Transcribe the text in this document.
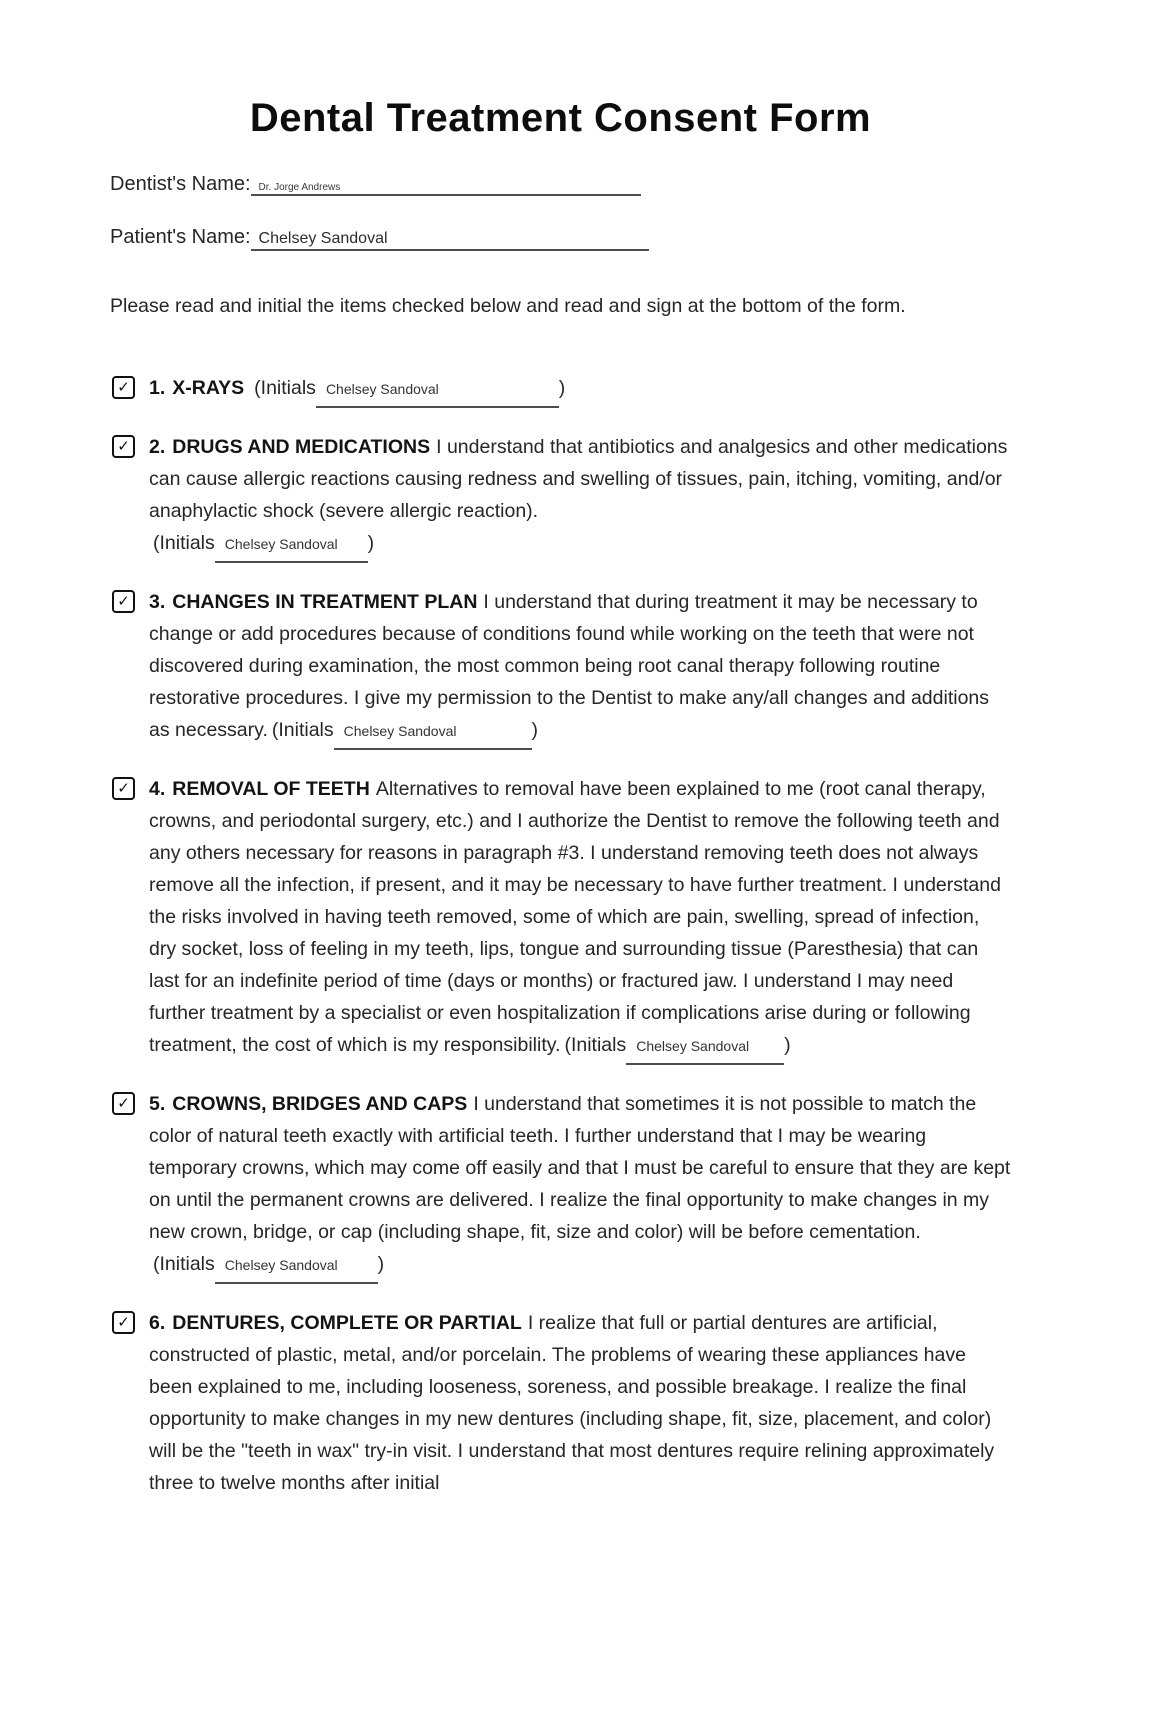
Dental Treatment Consent Form
Dentist's Name: Dr. Jorge Andrews
Patient's Name: Chelsey Sandoval

Please read and initial the items checked below and read and sign at the bottom of the form.

✓ 1. X-RAYS (Initials Chelsey Sandoval	)
✓ 2. DRUGS AND MEDICATIONS I understand that antibiotics and analgesics and other medications can cause allergic reactions causing redness and swelling of tissues, pain, itching, vomiting, and/or anaphylactic shock (severe allergic reaction).
(Initials Chelsey Sandoval )
✓ 3. CHANGES IN TREATMENT PLAN I understand that during treatment it may be necessary to change or add procedures because of conditions found while working on the teeth that were not discovered during examination, the most common being root canal therapy following routine restorative procedures. I give my permission to the Dentist to make any/all changes and additions as necessary. (Initials Chelsey Sandoval	)
✓ 4. REMOVAL OF TEETH Alternatives to removal have been explained to me (root canal therapy, crowns, and periodontal surgery, etc.) and I authorize the Dentist to remove the following teeth and any others necessary for reasons in paragraph #3. I understand removing teeth does not always remove all the infection, if present, and it may be necessary to have further treatment. I understand the risks involved in having teeth removed, some of which are pain, swelling, spread of infection, dry socket, loss of feeling in my teeth, lips, tongue and surrounding tissue (Paresthesia) that can last for an indefinite period of time (days or months) or fractured jaw. I understand I may need further treatment by a specialist or even hospitalization if complications arise during or following treatment, the cost of which is my responsibility. (Initials Chelsey Sandoval )
✓ 5. CROWNS, BRIDGES AND CAPS I understand that sometimes it is not possible to match the color of natural teeth exactly with artificial teeth. I further understand that I may be wearing temporary crowns, which may come off easily and that I must be careful to ensure that they are kept on until the permanent crowns are delivered. I realize the final opportunity to make changes in my new crown, bridge, or cap (including shape, fit, size and color) will be before cementation.(Initials Chelsey Sandoval )
✓ 6. DENTURES, COMPLETE OR PARTIAL I realize that full or partial dentures are artificial, constructed of plastic, metal, and/or porcelain. The problems of wearing these appliances have been explained to me, including looseness, soreness, and possible breakage. I realize the final opportunity to make changes in my new dentures (including shape, fit, size, placement, and color) will be the "teeth in wax" try-in visit. I understand that most dentures require relining approximately three to twelve months after initial
